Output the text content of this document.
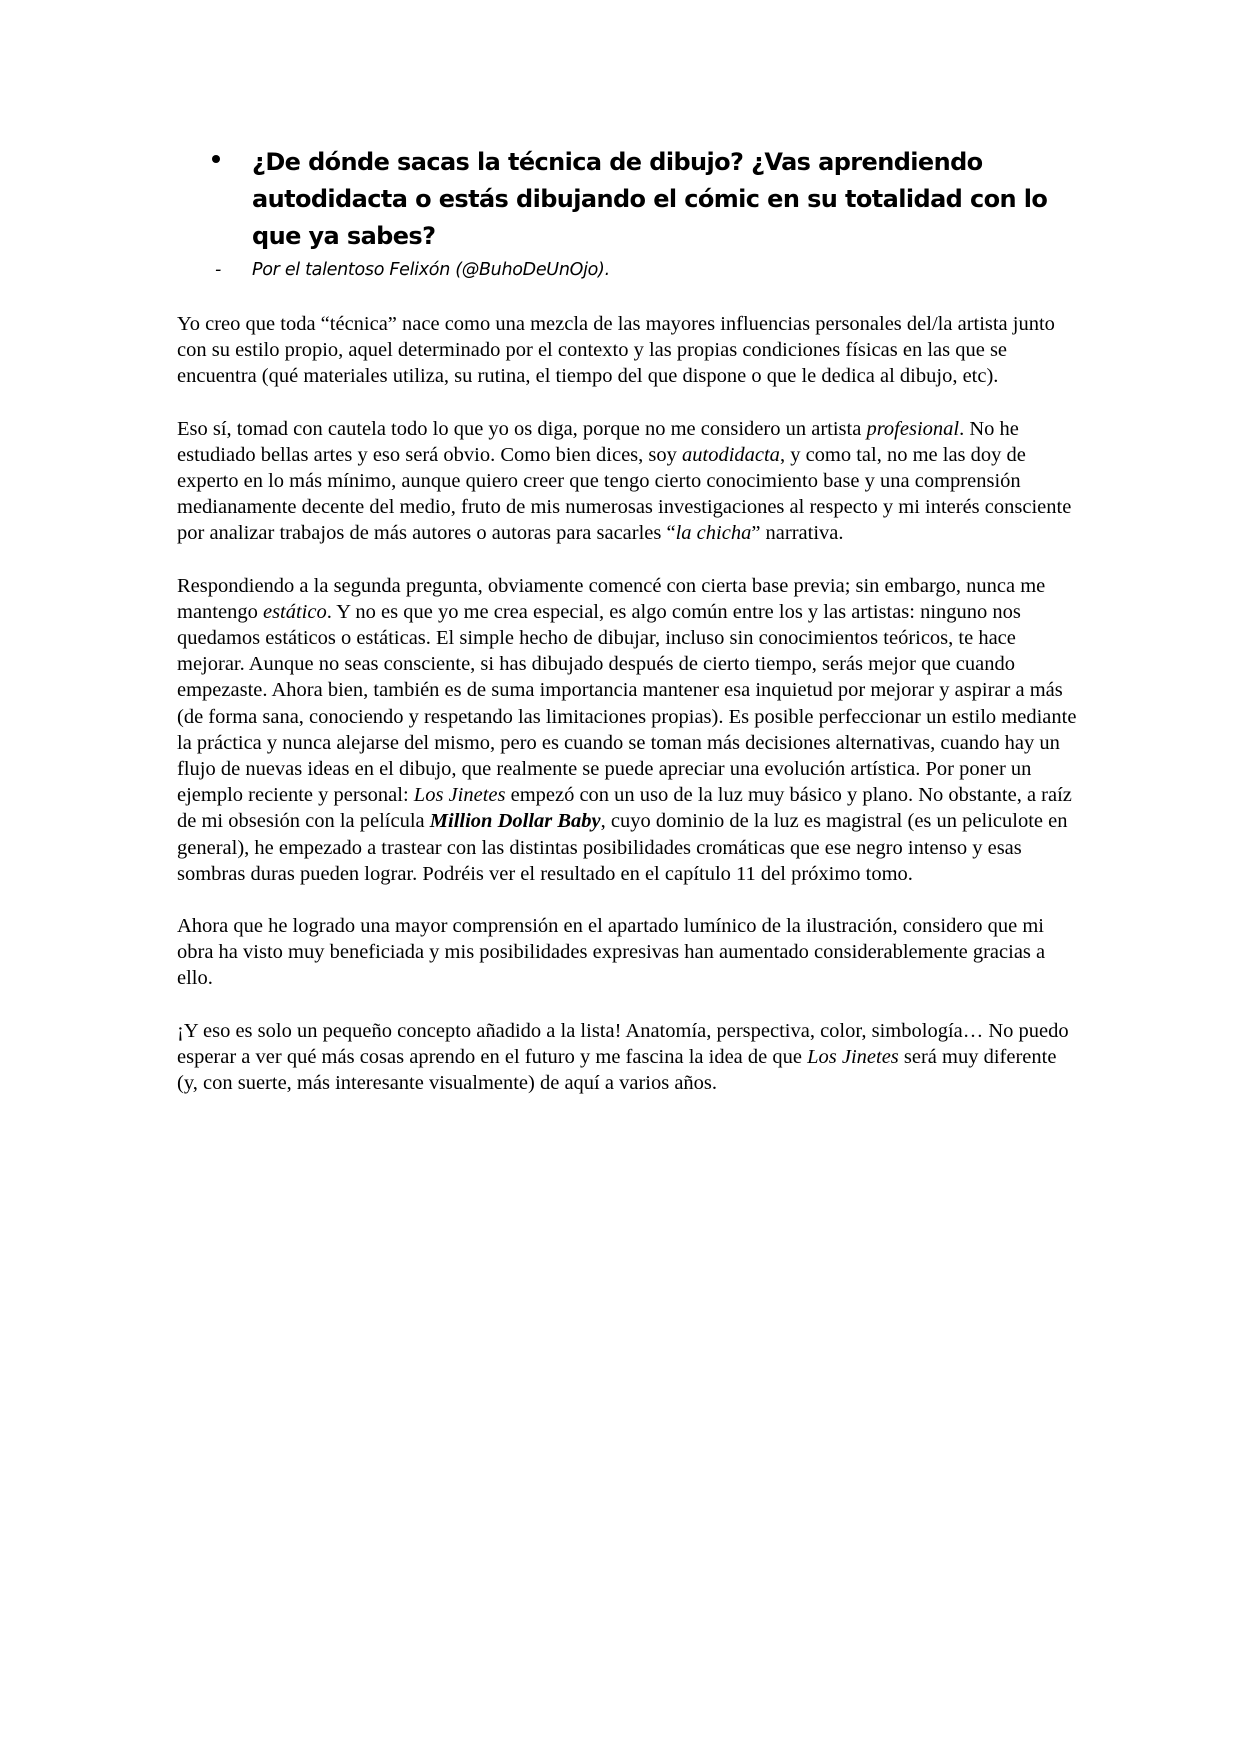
¿De dónde sacas la técnica de dibujo? ¿Vas aprendiendo autodidacta o estás dibujando el cómic en su totalidad con lo que ya sabes?

- Por el talentoso Felixón (@BuhoDeUnOjo).

Yo creo que toda “técnica” nace como una mezcla de las mayores influencias personales del/la artista junto con su estilo propio, aquel determinado por el contexto y las propias condiciones físicas en las que se encuentra (qué materiales utiliza, su rutina, el tiempo del que dispone o que le dedica al dibujo, etc).

Eso sí, tomad con cautela todo lo que yo os diga, porque no me considero un artista profesional. No he estudiado bellas artes y eso será obvio. Como bien dices, soy autodidacta, y como tal, no me las doy de experto en lo más mínimo, aunque quiero creer que tengo cierto conocimiento base y una comprensión medianamente decente del medio, fruto de mis numerosas investigaciones al respecto y mi interés consciente por analizar trabajos de más autores o autoras para sacarles “la chicha” narrativa.

Respondiendo a la segunda pregunta, obviamente comencé con cierta base previa; sin embargo, nunca me mantengo estático. Y no es que yo me crea especial, es algo común entre los y las artistas: ninguno nos quedamos estáticos o estáticas. El simple hecho de dibujar, incluso sin conocimientos teóricos, te hace mejorar. Aunque no seas consciente, si has dibujado después de cierto tiempo, serás mejor que cuando empezaste. Ahora bien, también es de suma importancia mantener esa inquietud por mejorar y aspirar a más (de forma sana, conociendo y respetando las limitaciones propias). Es posible perfeccionar un estilo mediante la práctica y nunca alejarse del mismo, pero es cuando se toman más decisiones alternativas, cuando hay un flujo de nuevas ideas en el dibujo, que realmente se puede apreciar una evolución artística. Por poner un ejemplo reciente y personal: Los Jinetes empezó con un uso de la luz muy básico y plano. No obstante, a raíz de mi obsesión con la película Million Dollar Baby, cuyo dominio de la luz es magistral (es un peliculote en general), he empezado a trastear con las distintas posibilidades cromáticas que ese negro intenso y esas sombras duras pueden lograr. Podréis ver el resultado en el capítulo 11 del próximo tomo.

Ahora que he logrado una mayor comprensión en el apartado lumínico de la ilustración, considero que mi obra ha visto muy beneficiada y mis posibilidades expresivas han aumentado considerablemente gracias a ello.

¡Y eso es solo un pequeño concepto añadido a la lista! Anatomía, perspectiva, color, simbología… No puedo esperar a ver qué más cosas aprendo en el futuro y me fascina la idea de que Los Jinetes será muy diferente (y, con suerte, más interesante visualmente) de aquí a varios años.
